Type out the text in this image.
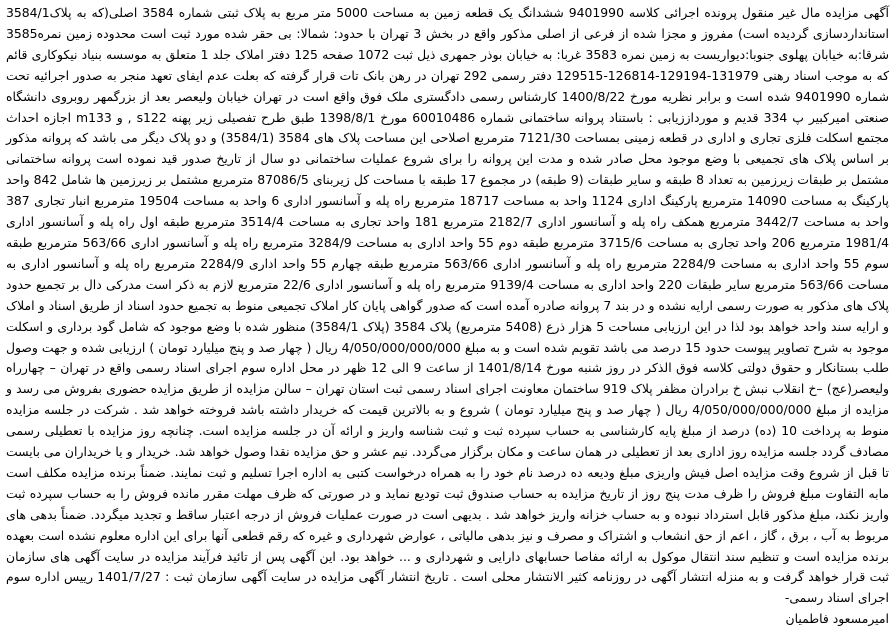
آگهی مزایده مال غیر منقول پرونده اجرائی کلاسه 9401990 ششدانگ یک قطعه زمین به مساحت 5000 متر مربع به پلاک ثبتی شماره 3584 اصلی(که به پلاک3584/1 استانداردسازی گردیده است) مفروز و مجزا شده از فرعی از اصلی مذکور واقع در بخش 3 تهران با حدود: شمالا: بی حقر شده مورد ثبت است محدوده زمین نمره3585 شرقا:به خیابان پهلوی جنوبا:دیواریست به زمین نمره 3583 غربا: به خیابان بوذر جمهری ذیل ثبت 1072 صفحه 125 دفتر املاک جلد 1 متعلق به موسسه بنیاد نیکوکاری قائم که به موجب اسناد رهنی 131979-129194-126814-129515 دفتر رسمی 292 تهران در رهن بانک تات قرار گرفته که بعلت عدم ایفای تعهد منجر به صدور اجرائیه تحت شماره 9401990 شده است و برابر نظریه مورخ 1400/8/22 کارشناس رسمی دادگستری ملک فوق واقع است در تهران خیابان ولیعصر بعد از بزرگمهر روبروی دانشگاه صنعتی امیرکبیر پ 334 قدیم و مورداززیابی : باستناد پروانه ساختمانی شماره 60010486 مورخ 1398/8/1 طبق طرح تفصیلی زیر پهنه s122 , و m133 اجازه احداث مجتمع اسکلت فلزی تجاری و اداری در قطعه زمینی بمساحت 7121/30 مترمربع اصلاحی این مساحت پلاک های 3584 (3584/1) و دو پلاک دیگر می باشد که پروانه مذکور بر اساس پلاک های تجمیعی با وضع موجود محل صادر شده و مدت این پروانه را برای شروع عملیات ساختمانی دو سال از تاریخ صدور قید نموده است پروانه ساختمانی مشتمل بر طبقات زیرزمین به تعداد 8 طبقه و سایر طبقات (9 طبقه) در مجموع 17 طبقه با مساحت کل زیربنای 87086/5 مترمربع مشتمل بر زیرزمین ها شامل 842 واحد پارکینگ به مساحت 14090 مترمربع پارکینگ اداری 1124 واحد به مساحت 18717 مترمربع راه پله و آسانسور اداری 6 واحد به مساحت 19504 مترمربع انبار تجاری 387 واحد به مساحت 3442/7 مترمربع همکف راه پله و آسانسور اداری 2182/7 مترمربع 181 واحد تجاری به مساحت 3514/4 مترمربع طبقه اول راه پله و آسانسور اداری 1981/4 مترمربع 206 واحد تجاری به مساحت 3715/6 مترمربع طبقه دوم 55 واحد اداری به مساحت 3284/9 مترمربع راه پله و آسانسور اداری 563/66 مترمربع طبقه سوم 55 واحد اداری به مساحت 2284/9 مترمربع راه پله و آسانسور اداری 563/66 مترمربع طبقه چهارم 55 واحد اداری 2284/9 مترمربع راه پله و آسانسور اداری به مساحت 563/66 مترمربع سایر طبقات 220 واحد اداری به مساحت 9139/4 مترمربع راه پله و آسانسور اداری 22/6 مترمربع لازم به ذکر است مدرکی دال بر تجمیع حدود پلاک های مذکور به صورت رسمی ارایه نشده و در بند 7 پروانه صادره آمده است که صدور گواهی پایان کار املاک تجمیعی منوط به تجمیع حدود اسناد از طریق اسناد و املاک و ارایه سند واحد خواهد بود لذا در این ارزیابی مساحت 5 هزار ذرع (5408 مترمربع) پلاک 3584 (پلاک 3584/1) منظور شده با وضع موجود که شامل گود برداری و اسکلت موجود به شرح تصاویر پیوست حدود 15 درصد می باشد تقویم شده است و به مبلغ 4/050/000/000/000 ریال ( چهار صد و پنج میلیارد تومان ) ارزیابی شده و جهت وصول طلب بستانکار و حقوق دولتی کلاسه فوق الذکر در روز شنبه مورخ 1401/8/14 از ساعت 9 الی 12 ظهر در محل اداره سوم اجرای اسناد رسمی واقع در تهران – چهارراه ولیعصر(عج) –خ انقلاب نبش خ برادران مظفر پلاک 919 ساختمان معاونت اجرای اسناد رسمی ثبت استان تهران – سالن مزایده از طریق مزایده حضوری بفروش می رسد و مزایده از مبلغ 4/050/000/000/000 ریال ( چهار صد و پنج میلیارد تومان ) شروع و به بالاترین قیمت که خریدار داشته باشد فروخته خواهد شد . شرکت در جلسه مزایده منوط به پرداخت 10 (ده) درصد از مبلغ پایه کارشناسی به حساب سپرده ثبت و ثبت شناسه واریز و ارائه آن در جلسه مزایده است. چنانچه روز مزایده با تعطیلی رسمی مصادف گردد جلسه مزایده روز اداری بعد از تعطیلی در همان ساعت و مکان برگزار می‌گردد. نیم عشر و حق مزایده نقدا وصول خواهد شد. خریدار و یا خریداران می بایست تا قبل از شروع وقت مزایده اصل فیش واریزی مبلغ ودیعه ده درصد نام خود را به همراه درخواست کتبی به اداره اجرا تسلیم و ثبت نمایند. ضمناً برنده مزایده مکلف است مابه التفاوت مبلغ فروش را ظرف مدت پنج روز از تاریخ مزایده به حساب صندوق ثبت تودیع نماید و در صورتی که ظرف مهلت مقرر مانده فروش را به حساب سپرده ثبت واریز نکند، مبلغ مذکور قابل استرداد نبوده و به حساب خزانه واریز خواهد شد . بدیهی است در صورت عملیات فروش از درجه اعتبار ساقط و تجدید میگردد. ضمناً بدهی های مربوط به آب ، برق ، گاز ، اعم از حق انشعاب و اشتراک و مصرف و نیز بدهی مالیاتی ، عوارض شهرداری و غیره که رقم قطعی آنها برای این اداره معلوم نشده است بعهده برنده مزایده است و تنظیم سند انتقال موکول به ارائه مفاصا حسابهای دارایی و شهرداری و ... خواهد بود. این آگهی پس از تائید فرآیند مزایده در سایت آگهی های سازمان ثبت قرار خواهد گرفت و به منزله انتشار آگهی در روزنامه کثیر الانتشار محلی است . تاریخ انتشار آگهی مزایده در سایت آگهی سازمان ثبت : 1401/7/27 رییس اداره سوم اجرای اسناد رسمی-

امیرمسعود فاطمیان
